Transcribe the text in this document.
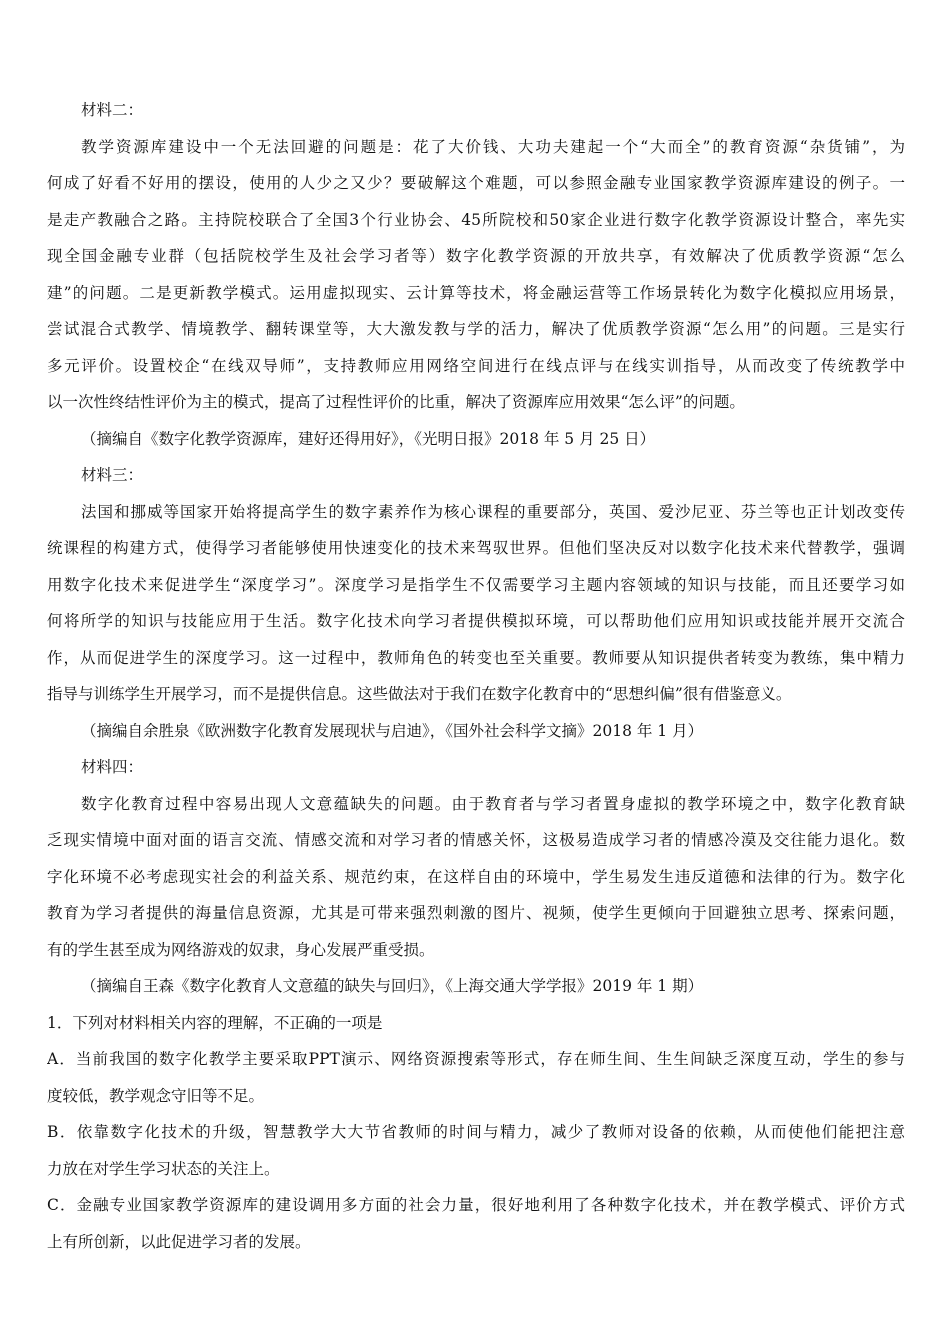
材料二：

教学资源库建设中一个无法回避的问题是：花了大价钱、大功夫建起一个“大而全”的教育资源“杂货铺”，为

何成了好看不好用的摆设，使用的人少之又少？要破解这个难题，可以参照金融专业国家教学资源库建设的例子。一

是走产教融合之路。主持院校联合了全国3个行业协会、45所院校和50家企业进行数字化教学资源设计整合，率先实

现全国金融专业群（包括院校学生及社会学习者等）数字化教学资源的开放共享，有效解决了优质教学资源“怎么

建”的问题。二是更新教学模式。运用虚拟现实、云计算等技术，将金融运营等工作场景转化为数字化模拟应用场景，

尝试混合式教学、情境教学、翻转课堂等，大大激发教与学的活力，解决了优质教学资源“怎么用”的问题。三是实行

多元评价。设置校企“在线双导师”，支持教师应用网络空间进行在线点评与在线实训指导，从而改变了传统教学中

以一次性终结性评价为主的模式，提高了过程性评价的比重，解决了资源库应用效果“怎么评”的问题。

（摘编自《数字化教学资源库，建好还得用好》，《光明日报》2018 年 5 月 25 日）

材料三：

法国和挪威等国家开始将提高学生的数字素养作为核心课程的重要部分，英国、爱沙尼亚、芬兰等也正计划改变传

统课程的构建方式，使得学习者能够使用快速变化的技术来驾驭世界。但他们坚决反对以数字化技术来代替教学，强调

用数字化技术来促进学生“深度学习”。深度学习是指学生不仅需要学习主题内容领域的知识与技能，而且还要学习如

何将所学的知识与技能应用于生活。数字化技术向学习者提供模拟环境，可以帮助他们应用知识或技能并展开交流合

作，从而促进学生的深度学习。这一过程中，教师角色的转变也至关重要。教师要从知识提供者转变为教练，集中精力

指导与训练学生开展学习，而不是提供信息。这些做法对于我们在数字化教育中的“思想纠偏”很有借鉴意义。

（摘编自余胜泉《欧洲数字化教育发展现状与启迪》，《国外社会科学文摘》2018 年 1 月）

材料四：

数字化教育过程中容易出现人文意蕴缺失的问题。由于教育者与学习者置身虚拟的教学环境之中，数字化教育缺

乏现实情境中面对面的语言交流、情感交流和对学习者的情感关怀，这极易造成学习者的情感冷漠及交往能力退化。数

字化环境不必考虑现实社会的利益关系、规范约束，在这样自由的环境中，学生易发生违反道德和法律的行为。数字化

教育为学习者提供的海量信息资源，尤其是可带来强烈刺激的图片、视频，使学生更倾向于回避独立思考、探索问题，

有的学生甚至成为网络游戏的奴隶，身心发展严重受损。

（摘编自王森《数字化教育人文意蕴的缺失与回归》，《上海交通大学学报》2019 年 1 期）

1．下列对材料相关内容的理解，不正确的一项是

A．当前我国的数字化教学主要采取PPT演示、网络资源搜索等形式，存在师生间、生生间缺乏深度互动，学生的参与

度较低，教学观念守旧等不足。

B．依靠数字化技术的升级，智慧教学大大节省教师的时间与精力，减少了教师对设备的依赖，从而使他们能把注意

力放在对学生学习状态的关注上。

C．金融专业国家教学资源库的建设调用多方面的社会力量，很好地利用了各种数字化技术，并在教学模式、评价方式

上有所创新，以此促进学习者的发展。
